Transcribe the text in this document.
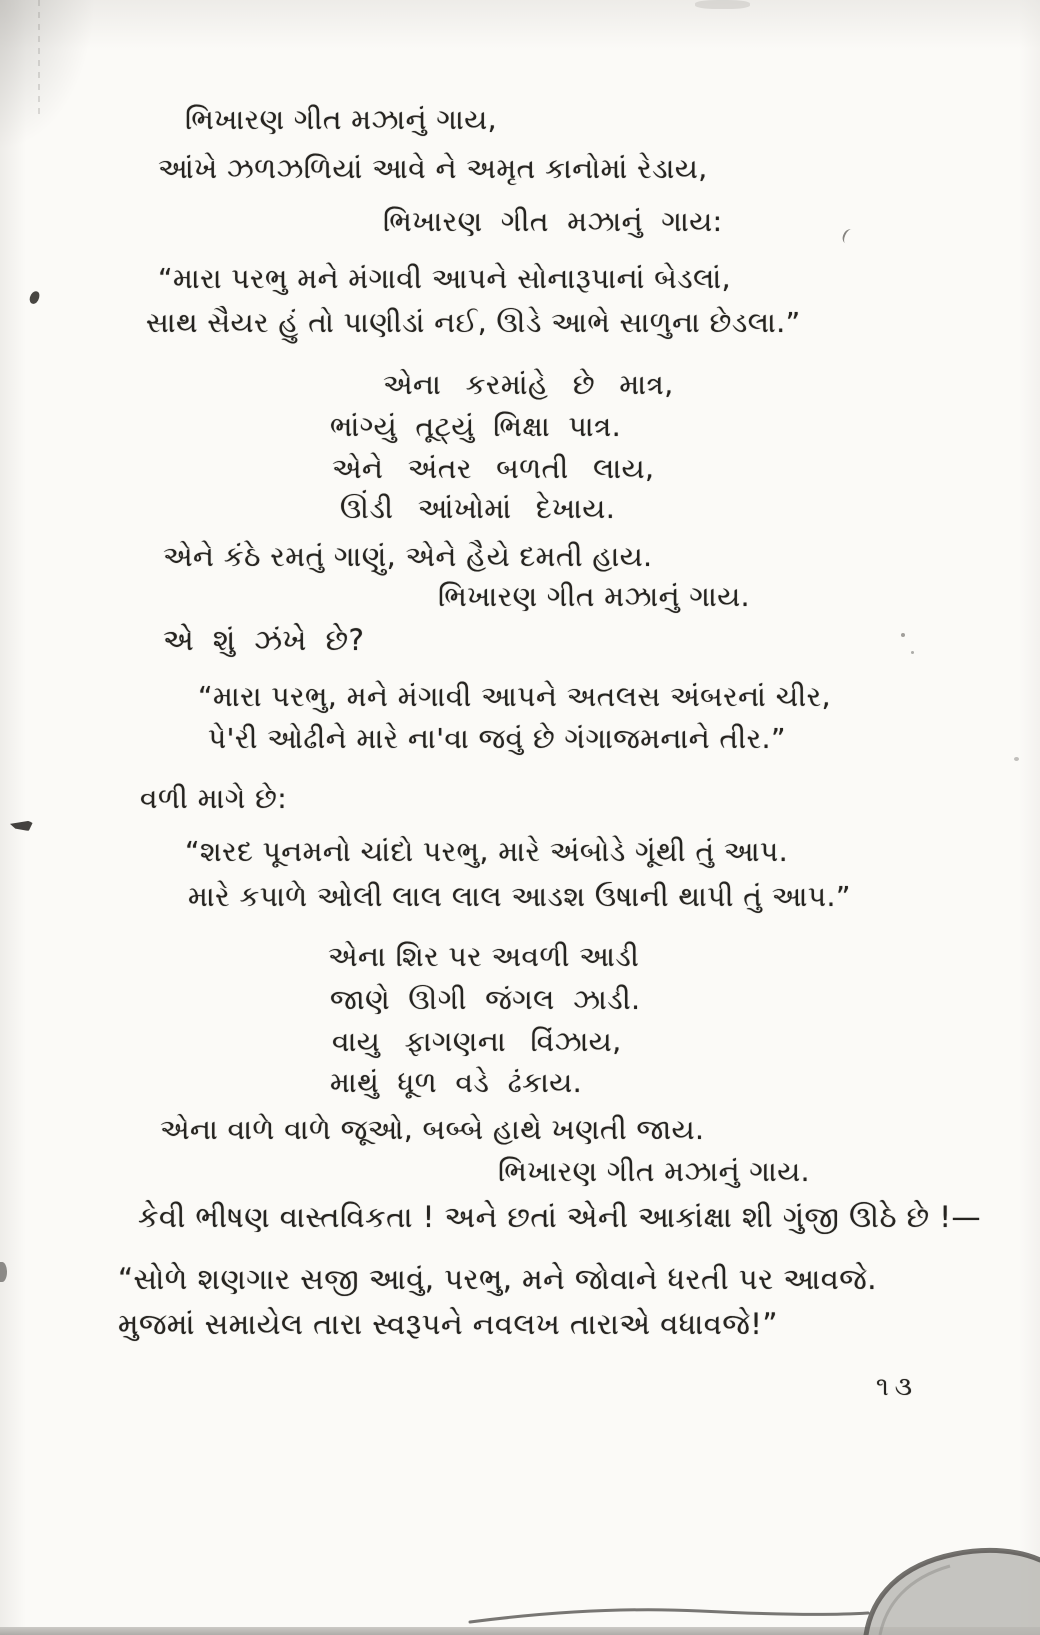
ભિખારણ ગીત મઝાનું ગાય,
આંખે ઝળઝળિયાં આવે ને અમૃત કાનોમાં રેડાય,
ભિખારણ ગીત મઝાનું ગાય:
“મારા પરભુ મને મંગાવી આપને સોનારૂપાનાં બેડલાં,
સાથ સૈયર હું તો પાણીડાં નઈ, ઊડે આભે સાળુના છેડલા.”
એના કરમાંહે છે માત્ર,
ભાંગ્યું તૂટ્યું ભિક્ષા પાત્ર.
એને અંતર બળતી લાય,
ઊંડી આંખોમાં દેખાય.
એને કંઠે રમતું ગાણું, એને હૈયે દમતી હાય.
ભિખારણ ગીત મઝાનું ગાય.
એ શું ઝંખે છે?
“મારા પરભુ, મને મંગાવી આપને અતલસ અંબરનાં ચીર,
પે'રી ઓઢીને મારે ના'વા જવું છે ગંગાજમનાને તીર.”
વળી માગે છે:
“શરદ પૂનમનો ચાંદો પરભુ, મારે અંબોડે ગૂંથી તું આપ.
મારે કપાળે ઓલી લાલ લાલ આડશ ઉષાની થાપી તું આપ.”
એના શિર પર અવળી આડી
જાણે ઊગી જંગલ ઝાડી.
વાયુ ફાગણના વિંઝાય,
માથું ધૂળ વડે ઢંકાય.
એના વાળે વાળે જૂઓ, બબ્બે હાથે ખણતી જાય.
ભિખારણ ગીત મઝાનું ગાય.
કેવી ભીષણ વાસ્તવિકતા ! અને છતાં એની આકાંક્ષા શી ગુંજી ઊઠે છે !—
“સોળે શણગાર સજી આવું, પરભુ, મને જોવાને ધરતી પર આવજે.
મુજમાં સમાયેલ તારા સ્વરૂપને નવલખ તારાએ વધાવજે!”
૧૩
